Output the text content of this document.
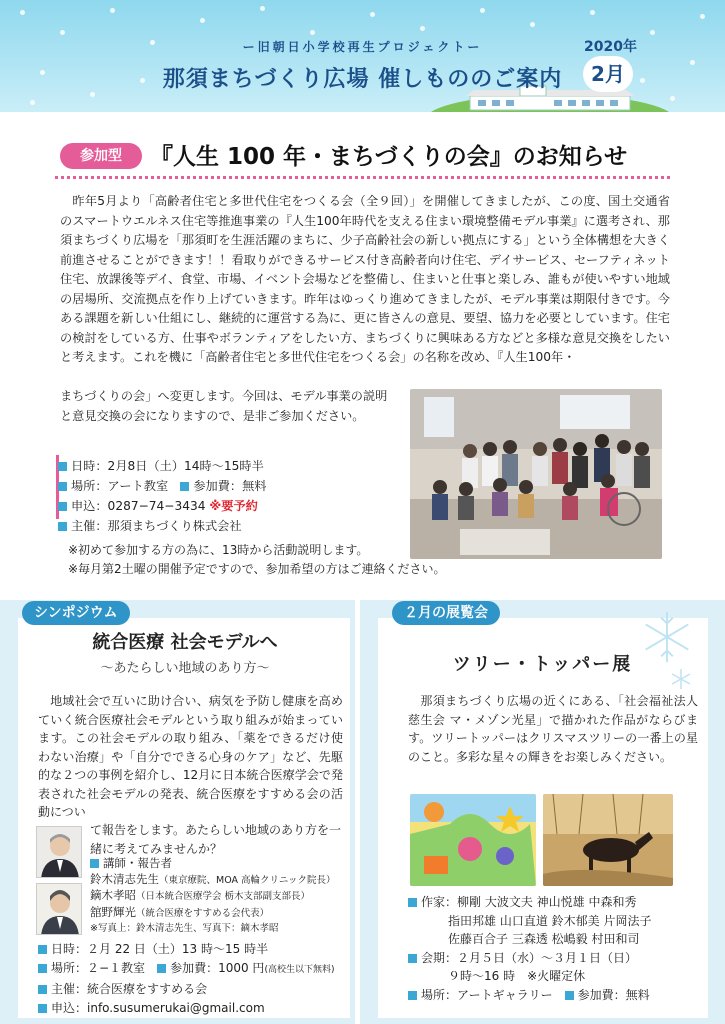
ー旧朝日小学校再生プロジェクトー
那須まちづくり広場 催しもののご案内
2020年
2月
参加型	『人生 100 年・まちづくりの会』のお知らせ
　昨年5月より「高齢者住宅と多世代住宅をつくる会（全９回）」を開催してきましたが、この度、国土交通省のスマートウエルネス住宅等推進事業の『人生100年時代を支える住まい環境整備モデル事業』に選考され、那須まちづくり広場を「那須町を生涯活躍のまちに、少子高齢社会の新しい拠点にする」という全体構想を大きく前進させることができます！！看取りができるサービス付き高齢者向け住宅、デイサービス、セーフティネット住宅、放課後等デイ、食堂、市場、イベント会場などを整備し、住まいと仕事と楽しみ、誰もが使いやすい地域の居場所、交流拠点を作り上げていきます。昨年はゆっくり進めてきましたが、モデル事業は期限付きです。今ある課題を新しい仕組にし、継続的に運営する為に、更に皆さんの意見、要望、協力を必要としています。住宅の検討をしている方、仕事やボランティアをしたい方、まちづくりに興味ある方などと多様な意見交換をしたいと考えます。これを機に「高齢者住宅と多世代住宅をつくる会」の名称を改め、『人生100年・
まちづくりの会」へ変更します。今回は、モデル事業の説明と意見交換の会になりますので、是非ご参加ください。
日時：2月8日（土）14時〜15時半
場所：アート教室　 参加費：無料
申込：0287−74−3434 ※要予約
主催：那須まちづくり株式会社
※初めて参加する方の為に、13時から活動説明します。
※毎月第2土曜の開催予定ですので、参加希望の方はご連絡ください。
シンポジウム
統合医療 社会モデルへ
〜あたらしい地域のあり方〜
　地域社会で互いに助け合い、病気を予防し健康を高めていく統合医療社会モデルという取り組みが始まっています。この社会モデルの取り組み、「薬をできるだけ使わない治療」や「自分でできる心身のケア」など、先駆的な２つの事例を紹介し、12月に日本統合医療学会で発表された社会モデルの発表、統合医療をすすめる会の活動につい
て報告をします。あたらしい地域のあり方を一緒に考えてみませんか？
講師・報告者
鈴木清志先生（東京療院、MOA 高輪クリニック院長）
鏑木孝昭（日本統合医療学会 栃木支部副支部長）
舘野輝光（統合医療をすすめる会代表）
※写真上：鈴木清志先生、写真下：鏑木孝昭
日時：２月 22 日（土）13 時〜15 時半
場所：２−１教室　 参加費：1000 円(高校生以下無料)
主催：統合医療をすすめる会
申込：info.susumerukai@gmail.com
２月の展覧会
ツリー・トッパー展
　那須まちづくり広場の近くにある、「社会福祉法人慈生会 マ・メゾン光星」で描かれた作品がならびます。ツリートッパーはクリスマスツリーの一番上の星のこと。多彩な星々の輝きをお楽しみください。
作家：柳剛 大波文夫 神山悦雄 中森和秀
指田邦雄 山口直道 鈴木郁美 片岡法子
佐藤百合子 三森透 松嶋毅 村田和司
会期：２月５日（水）〜３月１日（日）
９時〜16 時　※火曜定休
場所：アートギャラリー　 参加費：無料
